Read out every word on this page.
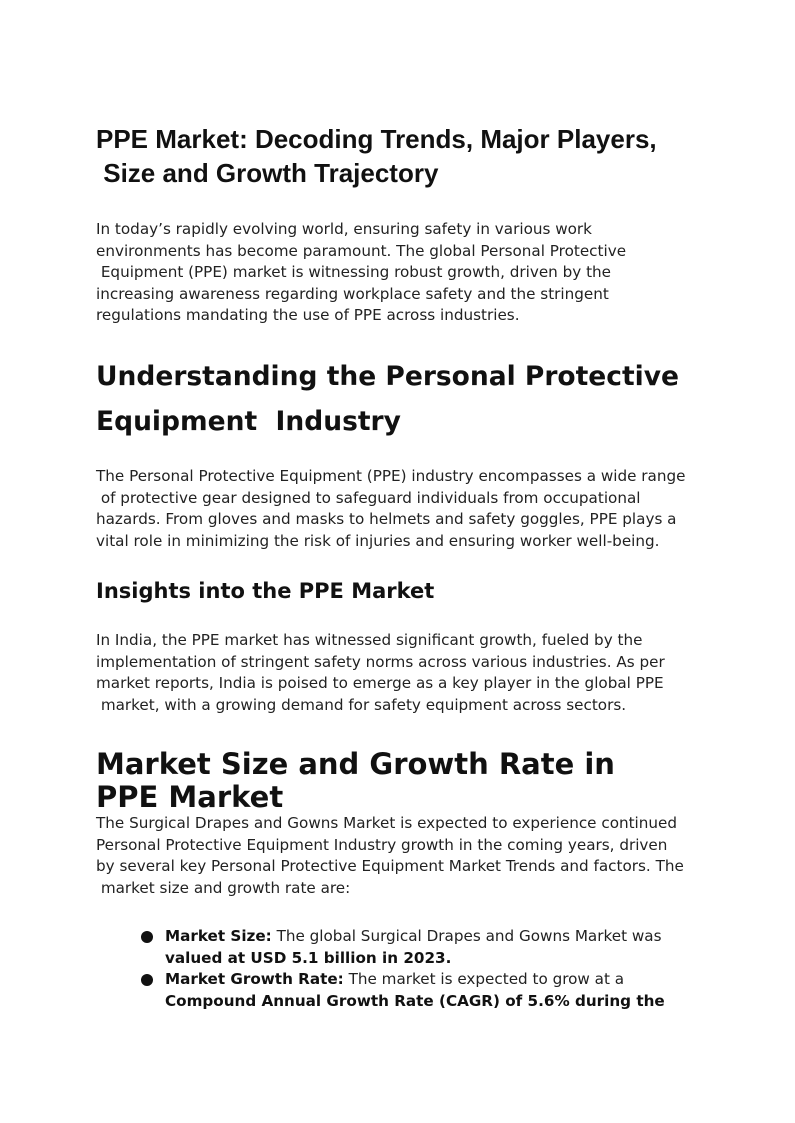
PPE Market: Decoding Trends, Major Players,
Size and Growth Trajectory

In today’s rapidly evolving world, ensuring safety in various work
environments has become paramount. The global Personal Protective
Equipment (PPE) market is witnessing robust growth, driven by the
increasing awareness regarding workplace safety and the stringent
regulations mandating the use of PPE across industries.

Understanding the Personal Protective
Equipment  Industry

The Personal Protective Equipment (PPE) industry encompasses a wide range
of protective gear designed to safeguard individuals from occupational
hazards. From gloves and masks to helmets and safety goggles, PPE plays a
vital role in minimizing the risk of injuries and ensuring worker well-being.

Insights into the PPE Market

In India, the PPE market has witnessed significant growth, fueled by the
implementation of stringent safety norms across various industries. As per
market reports, India is poised to emerge as a key player in the global PPE
market, with a growing demand for safety equipment across sectors.

Market Size and Growth Rate in
PPE Market

The Surgical Drapes and Gowns Market is expected to experience continued
Personal Protective Equipment Industry growth in the coming years, driven
by several key Personal Protective Equipment Market Trends and factors. The
market size and growth rate are:

Market Size: The global Surgical Drapes and Gowns Market was
valued at USD 5.1 billion in 2023.
Market Growth Rate: The market is expected to grow at a
Compound Annual Growth Rate (CAGR) of 5.6% during the
